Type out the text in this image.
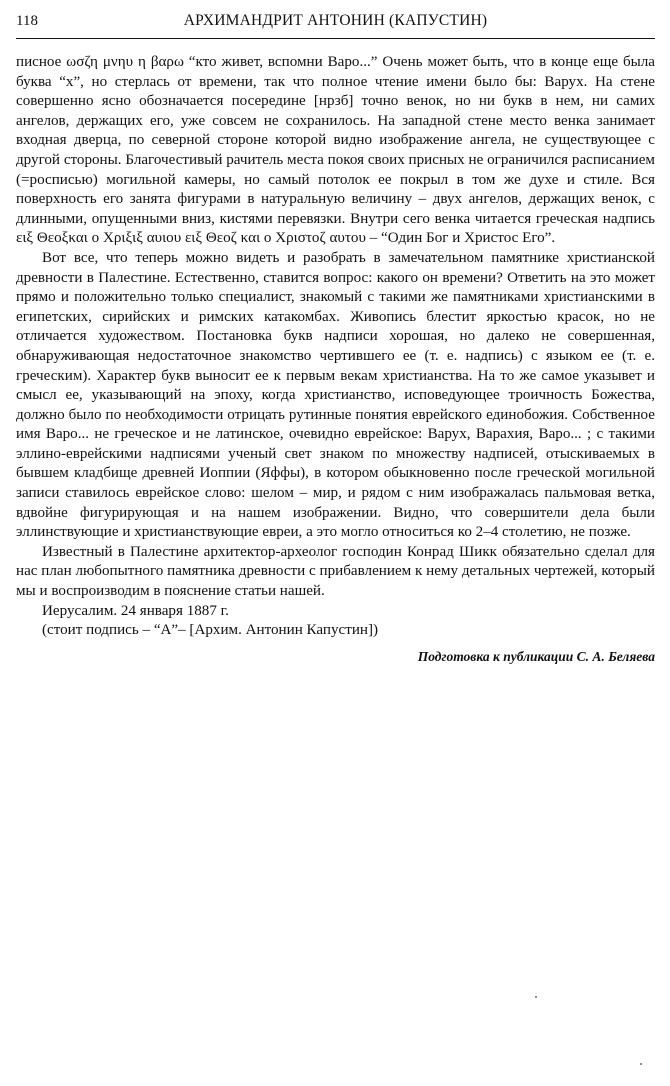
118	АРХИМАНДРИТ АНТОНИН (КАПУСТИН)

писное ωσζη μνηυ η βαρω “кто живет, вспомни Варо...” Очень может быть, что в конце еще была буква “х”, но стерлась от времени, так что полное чтение имени было бы: Варух. На стене совершенно ясно обозначается посередине [нрзб] точно венок, но ни букв в нем, ни самих ангелов, держащих его, уже совсем не сохранилось. На западной стене место венка занимает входная дверца, по северной стороне которой видно изображение ангела, не существующее с другой стороны. Благочестивый рачитель места покоя своих присных не ограничился расписанием (=росписью) могильной камеры, но самый потолок ее покрыл в том же духе и стиле. Вся поверхность его занята фигурами в натуральную величину – двух ангелов, держащих венок, с длинными, опущенными вниз, кистями перевязки. Внутри сего венка читается греческая надпись ειξ Θεοξκαι ο Χριξιξ αυιου ειξ Θεοζ και ο Χριστοζ αυτου – “Один Бог и Христос Его”.

Вот все, что теперь можно видеть и разобрать в замечательном памятнике христианской древности в Палестине. Естественно, ставится вопрос: какого он времени? Ответить на это может прямо и положительно только специалист, знакомый с такими же памятниками христианскими в египетских, сирийских и римских катакомбах. Живопись блестит яркостью красок, но не отличается художеством. Постановка букв надписи хорошая, но далеко не совершенная, обнаруживающая недостаточное знакомство чертившего ее (т. е. надпись) с языком ее (т. е. греческим). Характер букв выносит ее к первым векам христианства. На то же самое указывет и смысл ее, указывающий на эпоху, когда христианство, исповедующее троичность Божества, должно было по необходимости отрицать рутинные понятия еврейского единобожия. Собственное имя Варо... не греческое и не латинское, очевидно еврейское: Варух, Варахия, Варо... ; с такими эллино-еврейскими надписями ученый свет знаком по множеству надписей, отыскиваемых в бывшем кладбище древней Иоппии (Яффы), в котором обыкновенно после греческой могильной записи ставилось еврейское слово: шелом – мир, и рядом с ним изображалась пальмовая ветка, вдвойне фигурирующая и на нашем изображении. Видно, что совершители дела были эллинствующие и христианствующие евреи, а это могло относиться ко 2–4 столетию, не позже.

Известный в Палестине архитектор-археолог господин Конрад Шикк обязательно сделал для нас план любопытного памятника древности с прибавлением к нему детальных чертежей, который мы и воспроизводим в пояснение статьи нашей.

Иерусалим. 24 января 1887 г.

(стоит подпись – “А”– [Архим. Антонин Капустин])

Подготовка к публикации С. А. Беляева
